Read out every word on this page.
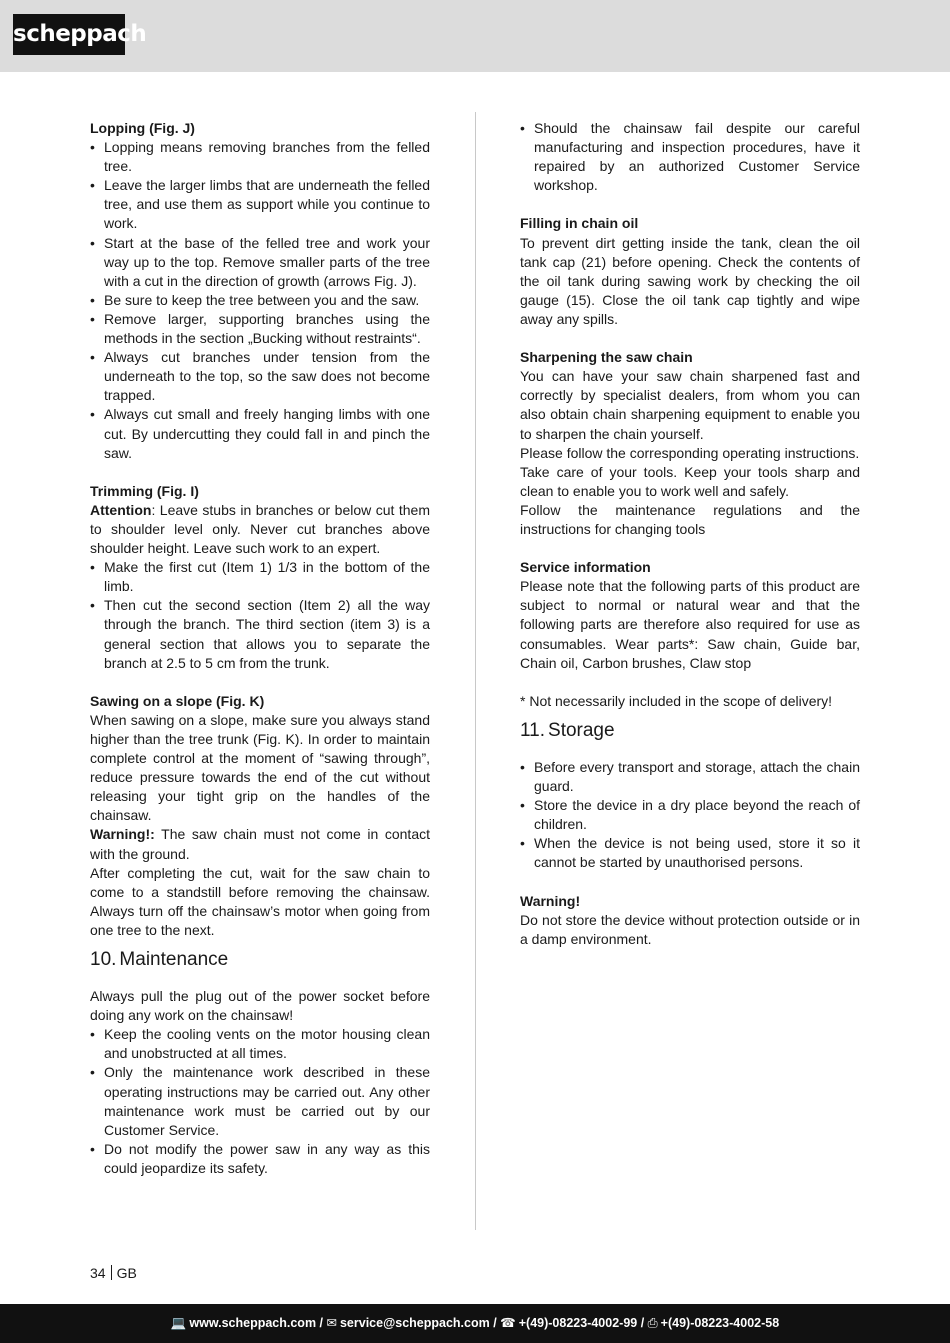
scheppach
Lopping (Fig. J)
• Lopping means removing branches from the felled tree.
• Leave the larger limbs that are underneath the felled tree, and use them as support while you continue to work.
• Start at the base of the felled tree and work your way up to the top. Remove smaller parts of the tree with a cut in the direction of growth (arrows Fig. J).
• Be sure to keep the tree between you and the saw.
• Remove larger, supporting branches using the methods in the section „Bucking without restraints“.
• Always cut branches under tension from the underneath to the top, so the saw does not become trapped.
• Always cut small and freely hanging limbs with one cut. By undercutting they could fall in and pinch the saw.
Trimming (Fig. I)

Attention: Leave stubs in branches or below cut them to shoulder level only. Never cut branches above shoulder height. Leave such work to an expert.

• Make the first cut (Item 1) 1/3 in the bottom of the limb.
• Then cut the second section (Item 2) all the way through the branch. The third section (item 3) is a general section that allows you to separate the branch at 2.5 to 5 cm from the trunk.
Sawing on a slope (Fig. K)

When sawing on a slope, make sure you always stand higher than the tree trunk (Fig. K). In order to maintain complete control at the moment of “sawing through”, reduce pressure towards the end of the cut without releasing your tight grip on the handles of the chainsaw.

Warning!: The saw chain must not come in contact with the ground.

After completing the cut, wait for the saw chain to come to a standstill before removing the chainsaw. Always turn off the chainsaw’s motor when going from one tree to the next.

10. Maintenance

Always pull the plug out of the power socket before doing any work on the chainsaw!

• Keep the cooling vents on the motor housing clean and unobstructed at all times.
• Only the maintenance work described in these operating instructions may be carried out. Any other maintenance work must be carried out by our Customer Service.
• Do not modify the power saw in any way as this could jeopardize its safety.
• Should the chainsaw fail despite our careful manufacturing and inspection procedures, have it repaired by an authorized Customer Service workshop.
Filling in chain oil

To prevent dirt getting inside the tank, clean the oil tank cap (21) before opening. Check the contents of the oil tank during sawing work by checking the oil gauge (15). Close the oil tank cap tightly and wipe away any spills.

Sharpening the saw chain

You can have your saw chain sharpened fast and correctly by specialist dealers, from whom you can also obtain chain sharpening equipment to enable you to sharpen the chain yourself.

Please follow the corresponding operating instructions.

Take care of your tools. Keep your tools sharp and clean to enable you to work well and safely.

Follow the maintenance regulations and the instructions for changing tools

Service information

Please note that the following parts of this product are subject to normal or natural wear and that the following parts are therefore also required for use as consumables. Wear parts*: Saw chain, Guide bar, Chain oil, Carbon brushes, Claw stop

* Not necessarily included in the scope of delivery!

11. Storage
• Before every transport and storage, attach the chain guard.
• Store the device in a dry place beyond the reach of children.
• When the device is not being used, store it so it cannot be started by unauthorised persons.
Warning!

Do not store the device without protection outside or in a damp environment.

34 GB
💻 www.scheppach.com / ✉ service@scheppach.com / ☎ +(49)-08223-4002-99 / ⎙ +(49)-08223-4002-58
